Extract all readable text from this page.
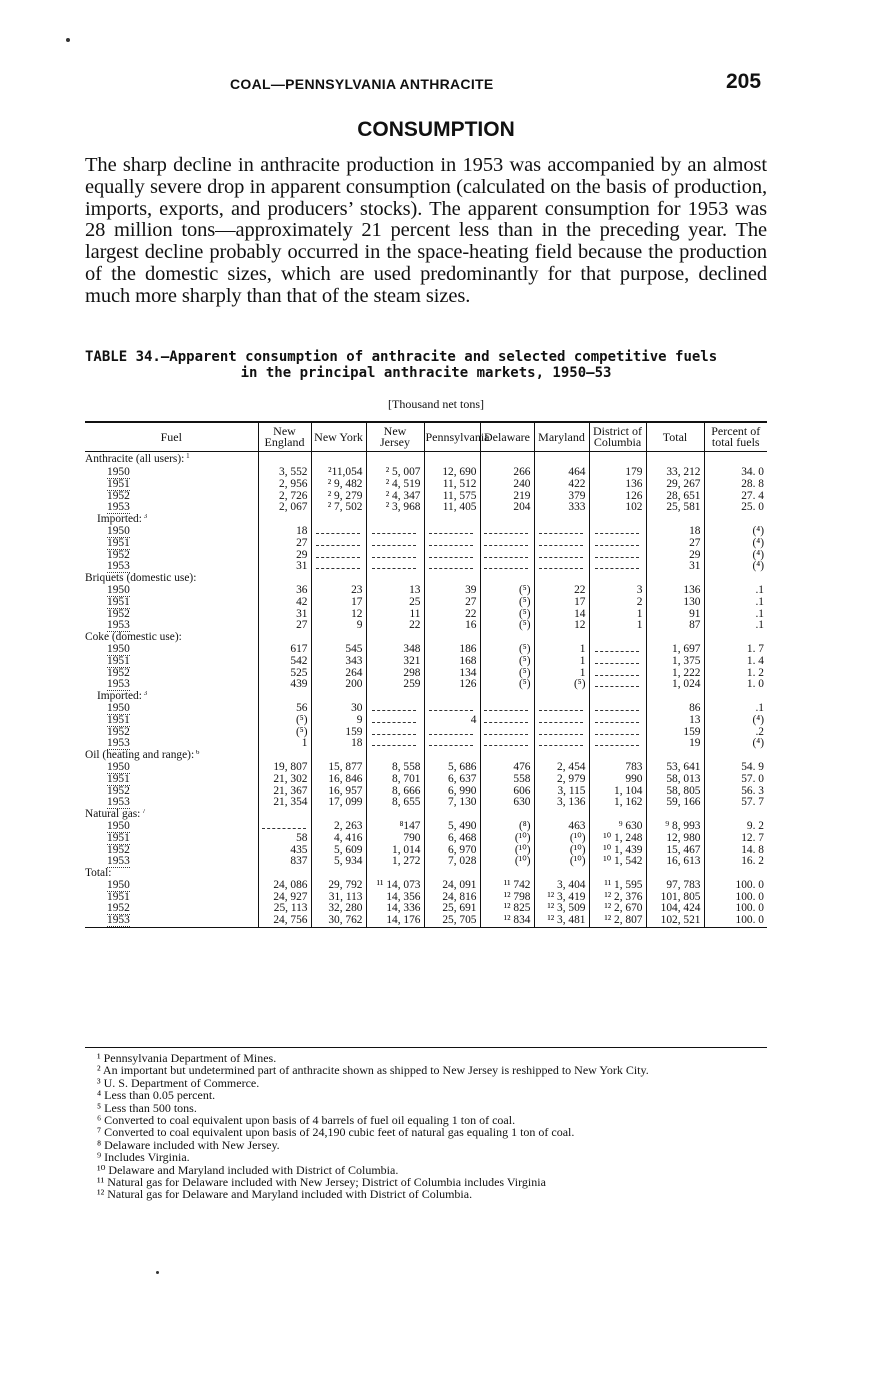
COAL—PENNSYLVANIA ANTHRACITE	205
CONSUMPTION
The sharp decline in anthracite production in 1953 was accompanied by an almost equally severe drop in apparent consumption (calculated on the basis of production, imports, exports, and producers’ stocks). The apparent consumption for 1953 was 28 million tons—approximately 21 percent less than in the preceding year. The largest decline probably occurred in the space-heating field because the production of the domestic sizes, which are used predominantly for that purpose, declined much more sharply than that of the steam sizes.
TABLE 34.—Apparent consumption of anthracite and selected competitive fuels
in the principal anthracite markets, 1950–53
[Thousand net tons]
Fuel	New England	New York	New Jersey	Pennsylvania	Delaware	Maryland	District of Columbia	Total	Percent of total fuels
Anthracite (all users): $^1$									
1950	3, 552	²11,054	² 5, 007	12, 690	266	464	179	33, 212	34. 0
1951	2, 956	² 9, 482	² 4, 519	11, 512	240	422	136	29, 267	28. 8
1952	2, 726	² 9, 279	² 4, 347	11, 575	219	379	126	28, 651	27. 4
1953	2, 067	² 7, 502	² 3, 968	11, 405	204	333	102	25, 581	25. 0
Imported: $^3$									
1950	18							18	(⁴)
1951	27							27	(⁴)
1952	29							29	(⁴)
1953	31							31	(⁴)
Briquets (domestic use):									
1950	36	23	13	39	(⁵)	22	3	136	.1
1951	42	17	25	27	(⁵)	17	2	130	.1
1952	31	12	11	22	(⁵)	14	1	91	.1
1953	27	9	22	16	(⁵)	12	1	87	.1
Coke (domestic use):									
1950	617	545	348	186	(⁵)	1		1, 697	1. 7
1951	542	343	321	168	(⁵)	1		1, 375	1. 4
1952	525	264	298	134	(⁵)	1		1, 222	1. 2
1953	439	200	259	126	(⁵)	(⁵)		1, 024	1. 0
Imported: $^3$									
1950	56	30						86	.1
1951	(⁵)	9		4				13	(⁴)
1952	(⁵)	159						159	.2
1953	1	18						19	(⁴)
Oil (heating and range): $^6$									
1950	19, 807	15, 877	8, 558	5, 686	476	2, 454	783	53, 641	54. 9
1951	21, 302	16, 846	8, 701	6, 637	558	2, 979	990	58, 013	57. 0
1952	21, 367	16, 957	8, 666	6, 990	606	3, 115	1, 104	58, 805	56. 3
1953	21, 354	17, 099	8, 655	7, 130	630	3, 136	1, 162	59, 166	57. 7
Natural gas: $^7$									
1950		2, 263	⁸147	5, 490	(⁸)	463	⁹ 630	⁹ 8, 993	9. 2
1951	58	4, 416	790	6, 468	(¹⁰)	(¹⁰)	¹⁰ 1, 248	12, 980	12. 7
1952	435	5, 609	1, 014	6, 970	(¹⁰)	(¹⁰)	¹⁰ 1, 439	15, 467	14. 8
1953	837	5, 934	1, 272	7, 028	(¹⁰)	(¹⁰)	¹⁰ 1, 542	16, 613	16. 2
Total:									
1950	24, 086	29, 792	¹¹ 14, 073	24, 091	¹¹ 742	3, 404	¹¹ 1, 595	97, 783	100. 0
1951	24, 927	31, 113	14, 356	24, 816	¹² 798	¹² 3, 419	¹² 2, 376	101, 805	100. 0
1952	25, 113	32, 280	14, 336	25, 691	¹² 825	¹² 3, 509	¹² 2, 670	104, 424	100. 0
1953	24, 756	30, 762	14, 176	25, 705	¹² 834	¹² 3, 481	¹² 2, 807	102, 521	100. 0
¹ Pennsylvania Department of Mines.
² An important but undetermined part of anthracite shown as shipped to New Jersey is reshipped to New York City.
³ U. S. Department of Commerce.
⁴ Less than 0.05 percent.
⁵ Less than 500 tons.
⁶ Converted to coal equivalent upon basis of 4 barrels of fuel oil equaling 1 ton of coal.
⁷ Converted to coal equivalent upon basis of 24,190 cubic feet of natural gas equaling 1 ton of coal.
⁸ Delaware included with New Jersey.
⁹ Includes Virginia.
¹⁰ Delaware and Maryland included with District of Columbia.
¹¹ Natural gas for Delaware included with New Jersey; District of Columbia includes Virginia
¹² Natural gas for Delaware and Maryland included with District of Columbia.
